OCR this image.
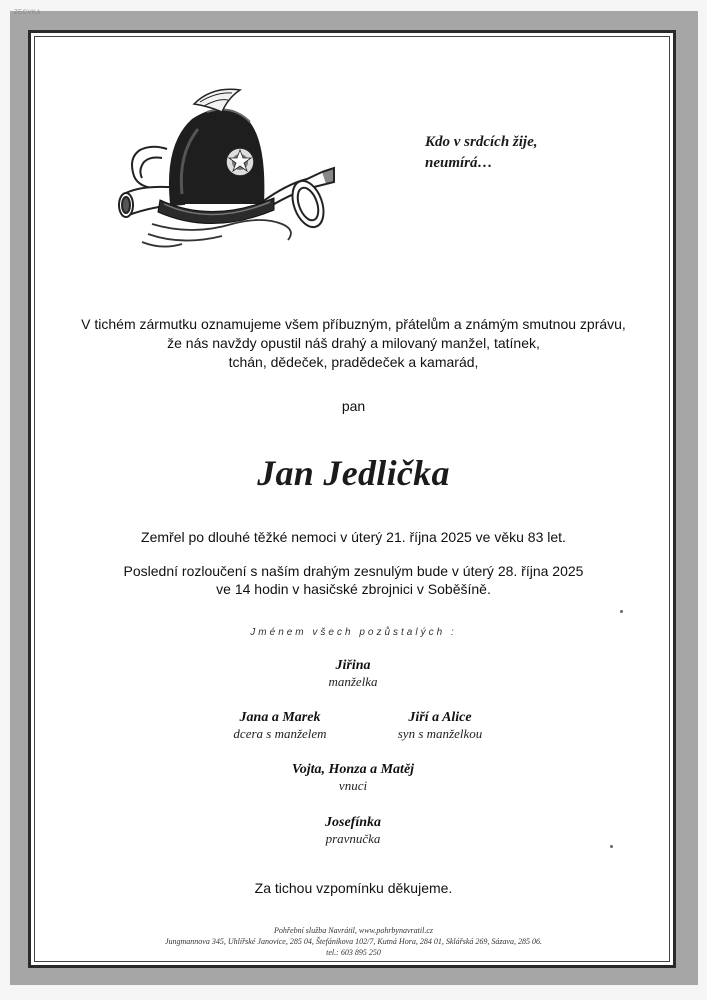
ZECVKA
Kdo v srdcích žije,
neumírá…
V tichém zármutku oznamujeme všem příbuzným, přátelům a známým smutnou zprávu,
že nás navždy opustil náš drahý a milovaný manžel, tatínek,
tchán, dědeček, pradědeček a kamarád,
pan
Jan Jedlička
Zemřel po dlouhé těžké nemoci v úterý 21. října 2025 ve věku 83 let.
Poslední rozloučení s naším drahým zesnulým bude v úterý 28. října 2025
ve 14 hodin v hasičské zbrojnici v Soběšíně.
Jménem všech pozůstalých :
Jiřina
manželka
Jana a Marek
dcera s manželem
Jiří a Alice
syn s manželkou
Vojta, Honza a Matěj
vnuci
Josefínka
pravnučka
Za tichou vzpomínku děkujeme.
Pohřební služba Navrátil, www.pohrbynavratil.cz
Jungmannova 345, Uhlířské Janovice, 285 04, Štefánikova 102/7, Kutná Hora, 284 01, Sklářská 269, Sázava, 285 06.
tel.: 603 895 250
